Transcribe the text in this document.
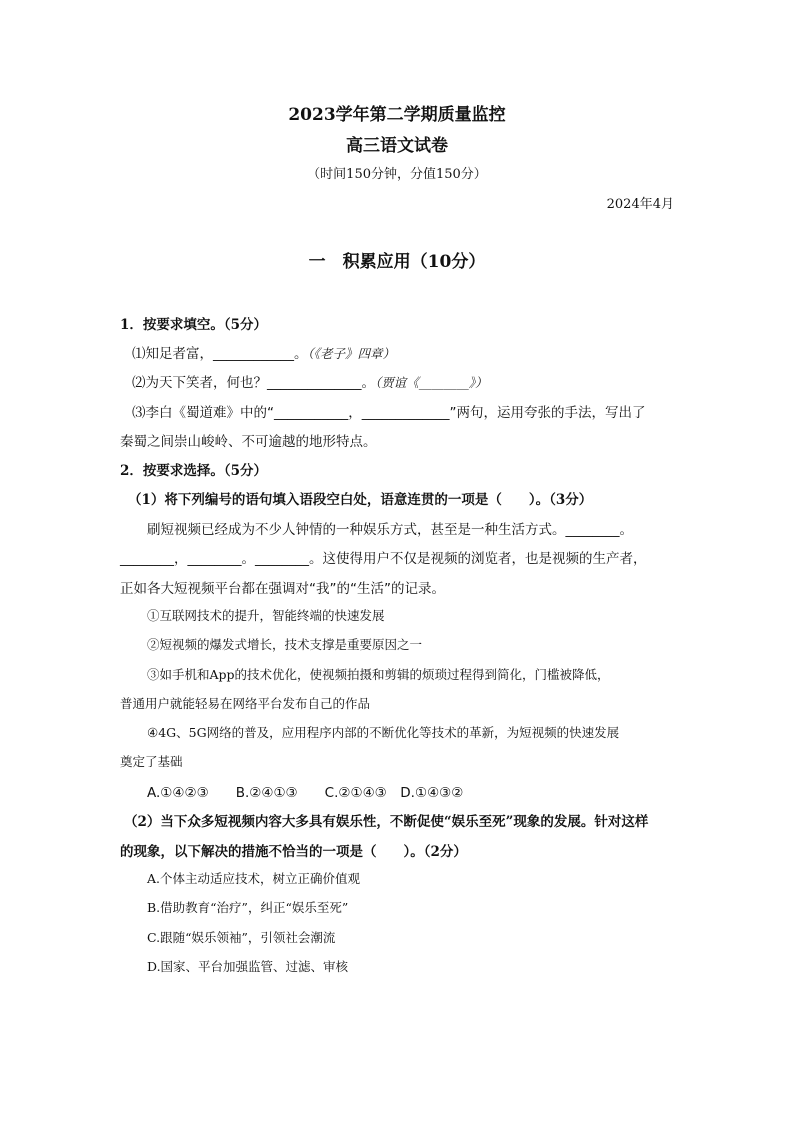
2023学年第二学期质量监控
高三语文试卷
（时间150分钟，分值150分）
2024年4月
一　积累应用（10分）
1．按要求填空。（5分）
⑴知足者富，____________。（《老子》四章）
⑵为天下笑者，何也？______________。（贾谊《________》）
⑶李白《蜀道难》中的“___________，_____________”两句，运用夸张的手法，写出了
秦蜀之间崇山峻岭、不可逾越的地形特点。
2．按要求选择。（5分）
（1）将下列编号的语句填入语段空白处，语意连贯的一项是（　　）。（3分）
刷短视频已经成为不少人钟情的一种娱乐方式，甚至是一种生活方式。________。
________，________。________。这使得用户不仅是视频的浏览者，也是视频的生产者，
正如各大短视频平台都在强调对“我”的“生活”的记录。
①互联网技术的提升，智能终端的快速发展
②短视频的爆发式增长，技术支撑是重要原因之一
③如手机和App的技术优化，使视频拍摄和剪辑的烦琐过程得到简化，门槛被降低，
普通用户就能轻易在网络平台发布自己的作品
④4G、5G网络的普及，应用程序内部的不断优化等技术的革新，为短视频的快速发展
奠定了基础
A.①④②③　　B.②④①③　　C.②①④③　D.①④③②
（2）当下众多短视频内容大多具有娱乐性，不断促使“娱乐至死”现象的发展。针对这样
的现象，以下解决的措施不恰当的一项是（　　）。（2分）
A.个体主动适应技术，树立正确价值观
B.借助教育“治疗”，纠正“娱乐至死”
C.跟随“娱乐领袖”，引领社会潮流
D.国家、平台加强监管、过滤、审核
